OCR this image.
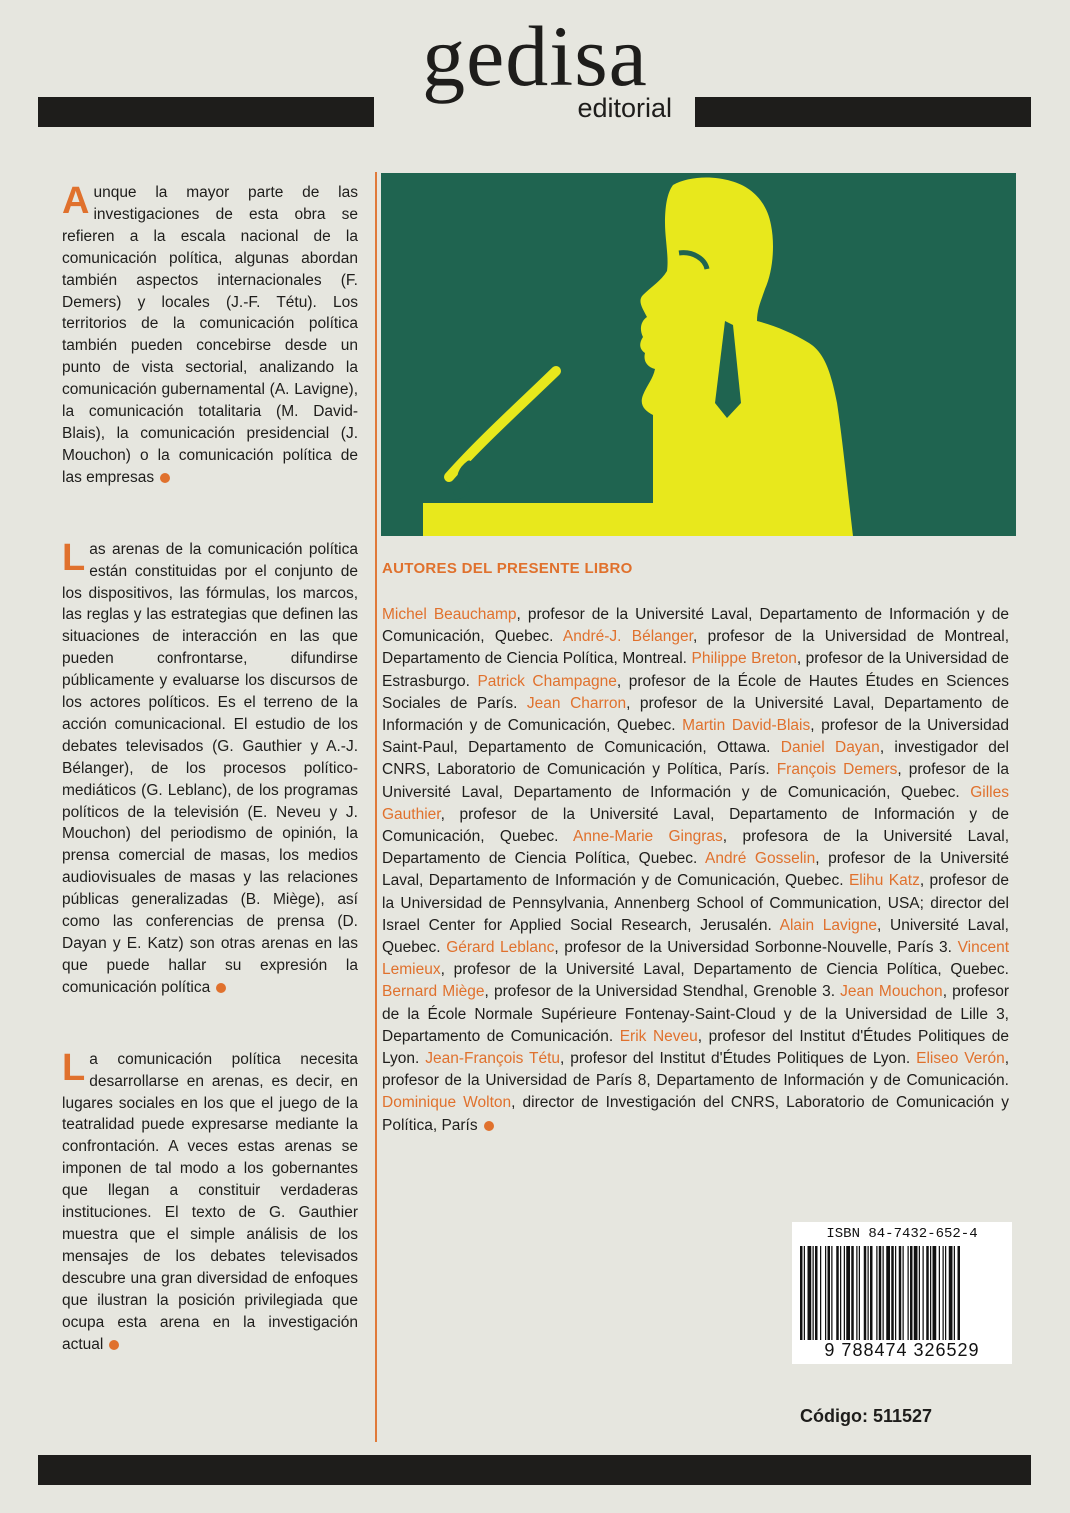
gedisa
editorial

Aunque la mayor parte de las investigaciones de esta obra se refieren a la escala nacional de la comunicación política, algunas abordan también aspectos internacionales (F. Demers) y locales (J.-F. Tétu). Los territorios de la comunicación política también pueden concebirse desde un punto de vista sectorial, analizando la comunicación gubernamental (A. Lavigne), la comunicación totalitaria (M. David-Blais), la comunicación presidencial (J. Mouchon) o la comunicación política de las empresas

Las arenas de la comunicación política están constituidas por el conjunto de los dispositivos, las fórmulas, los marcos, las reglas y las estrategias que definen las situaciones de interacción en las que pueden confrontarse, difundirse públicamente y evaluarse los discursos de los actores políticos. Es el terreno de la acción comunicacional. El estudio de los debates televisados (G. Gauthier y A.-J. Bélanger), de los procesos político-mediáticos (G. Leblanc), de los programas políticos de la televisión (E. Neveu y J. Mouchon) del periodismo de opinión, la prensa comercial de masas, los medios audiovisuales de masas y las relaciones públicas generalizadas (B. Miège), así como las conferencias de prensa (D. Dayan y E. Katz) son otras arenas en las que puede hallar su expresión la comunicación política

La comunicación política necesita desarrollarse en arenas, es decir, en lugares sociales en los que el juego de la teatralidad puede expresarse mediante la confrontación. A veces estas arenas se imponen de tal modo a los gobernantes que llegan a constituir verdaderas instituciones. El texto de G. Gauthier muestra que el simple análisis de los mensajes de los debates televisados descubre una gran diversidad de enfoques que ilustran la posición privilegiada que ocupa esta arena en la investigación actual

AUTORES DEL PRESENTE LIBRO

Michel Beauchamp, profesor de la Université Laval, Departamento de Información y de Comunicación, Quebec. André-J. Bélanger, profesor de la Universidad de Montreal, Departamento de Ciencia Política, Montreal. Philippe Breton, profesor de la Universidad de Estrasburgo. Patrick Champagne, profesor de la École de Hautes Études en Sciences Sociales de París. Jean Charron, profesor de la Université Laval, Departamento de Información y de Comunicación, Quebec. Martin David-Blais, profesor de la Universidad Saint-Paul, Departamento de Comunicación, Ottawa. Daniel Dayan, investigador del CNRS, Laboratorio de Comunicación y Política, París. François Demers, profesor de la Université Laval, Departamento de Información y de Comunicación, Quebec. Gilles Gauthier, profesor de la Université Laval, Departamento de Información y de Comunicación, Quebec. Anne-Marie Gingras, profesora de la Université Laval, Departamento de Ciencia Política, Quebec. André Gosselin, profesor de la Université Laval, Departamento de Información y de Comunicación, Quebec. Elihu Katz, profesor de la Universidad de Pennsylvania, Annenberg School of Communication, USA; director del Israel Center for Applied Social Research, Jerusalén. Alain Lavigne, Université Laval, Quebec. Gérard Leblanc, profesor de la Universidad Sorbonne-Nouvelle, París 3. Vincent Lemieux, profesor de la Université Laval, Departamento de Ciencia Política, Quebec. Bernard Miège, profesor de la Universidad Stendhal, Grenoble 3. Jean Mouchon, profesor de la École Normale Supérieure Fontenay-Saint-Cloud y de la Universidad de Lille 3, Departamento de Comunicación. Erik Neveu, profesor del Institut d'Études Politiques de Lyon. Jean-François Tétu, profesor del Institut d'Études Politiques de Lyon. Eliseo Verón, profesor de la Universidad de París 8, Departamento de Información y de Comunicación. Dominique Wolton, director de Investigación del CNRS, Laboratorio de Comunicación y Política, París

ISBN 84-7432-652-4
9 788474 326529
Código: 511527
